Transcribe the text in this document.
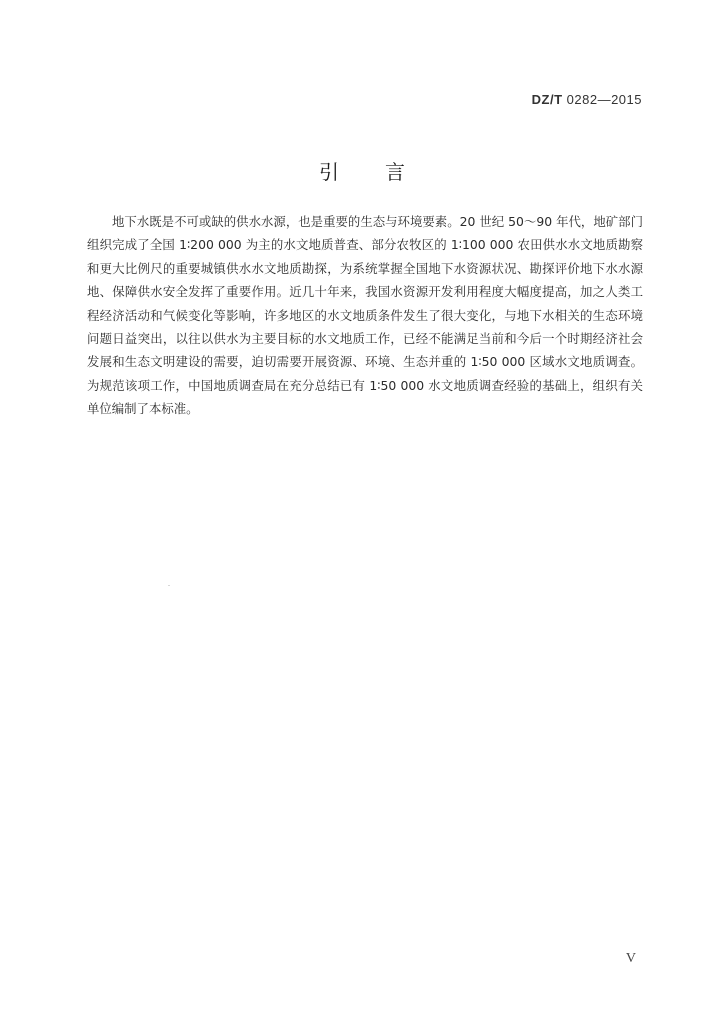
DZ/T 0282—2015
引 言
地下水既是不可或缺的供水水源，也是重要的生态与环境要素。20 世纪 50～90 年代，地矿部门组织完成了全国 1∶200 000 为主的水文地质普查、部分农牧区的 1∶100 000 农田供水水文地质勘察和更大比例尺的重要城镇供水水文地质勘探，为系统掌握全国地下水资源状况、勘探评价地下水水源地、保障供水安全发挥了重要作用。近几十年来，我国水资源开发利用程度大幅度提高，加之人类工程经济活动和气候变化等影响，许多地区的水文地质条件发生了很大变化，与地下水相关的生态环境问题日益突出，以往以供水为主要目标的水文地质工作，已经不能满足当前和今后一个时期经济社会发展和生态文明建设的需要，迫切需要开展资源、环境、生态并重的 1∶50 000 区域水文地质调查。为规范该项工作，中国地质调查局在充分总结已有 1∶50 000 水文地质调查经验的基础上，组织有关单位编制了本标准。
V
